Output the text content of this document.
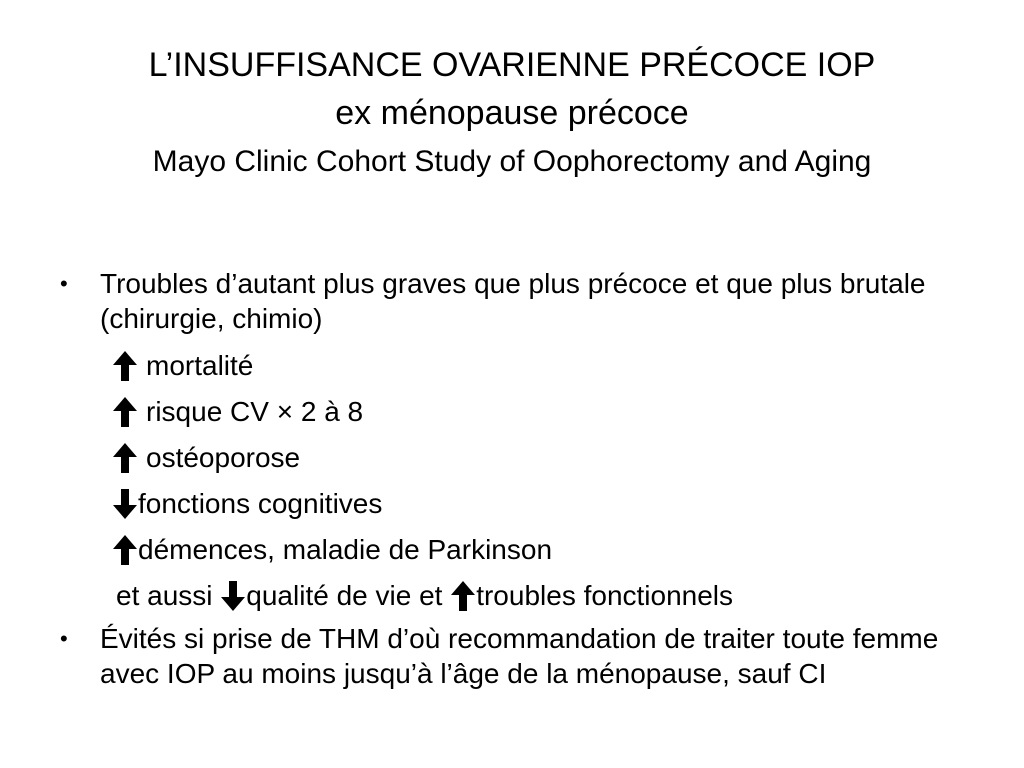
L’INSUFFISANCE OVARIENNE PRÉCOCE IOP
ex ménopause précoce
Mayo Clinic Cohort Study of Oophorectomy and Aging
•	Troubles d’autant plus graves que plus précoce et que plus brutale (chirurgie, chimio)
mortalité
risque CV × 2 à 8
ostéoporose
fonctions cognitives
démences, maladie de Parkinson
et aussi qualité de vie et troubles fonctionnels
•	Évités si prise de THM d’où recommandation de traiter toute femme avec IOP au moins jusqu’à l’âge de la ménopause, sauf CI
